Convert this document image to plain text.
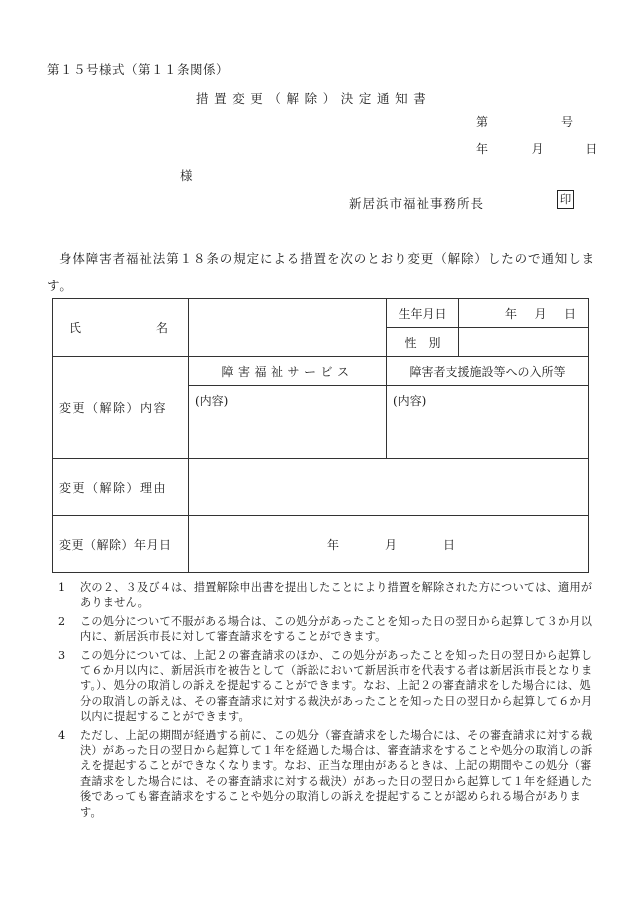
第１５号様式（第１１条関係）
措置変更（解除）決定通知書
第	号
年	月	日
様
新居浜市福祉事務所長	印
身体障害者福祉法第１８条の規定による措置を次のとおり変更（解除）したので通知します。
氏 名		生年月日	年 月 日

		性　別	
変更（解除）内容	障害福祉サービス	障害者支援施設等への入所等	
	(内容)	(内容)	
変更（解除）理由			
変更（解除）年月日	年 月 日		
1	次の２、３及び４は、措置解除申出書を提出したことにより措置を解除された方については、適用がありません。
2	この処分について不服がある場合は、この処分があったことを知った日の翌日から起算して３か月以内に、新居浜市長に対して審査請求をすることができます。
3	この処分については、上記２の審査請求のほか、この処分があったことを知った日の翌日から起算して６か月以内に、新居浜市を被告として（訴訟において新居浜市を代表する者は新居浜市長となります。）、処分の取消しの訴えを提起することができます。なお、上記２の審査請求をした場合には、処分の取消しの訴えは、その審査請求に対する裁決があったことを知った日の翌日から起算して６か月以内に提起することができます。
4	ただし、上記の期間が経過する前に、この処分（審査請求をした場合には、その審査請求に対する裁決）があった日の翌日から起算して１年を経過した場合は、審査請求をすることや処分の取消しの訴えを提起することができなくなります。なお、正当な理由があるときは、上記の期間やこの処分（審査請求をした場合には、その審査請求に対する裁決）があった日の翌日から起算して１年を経過した後であっても審査請求をすることや処分の取消しの訴えを提起することが認められる場合があります。
